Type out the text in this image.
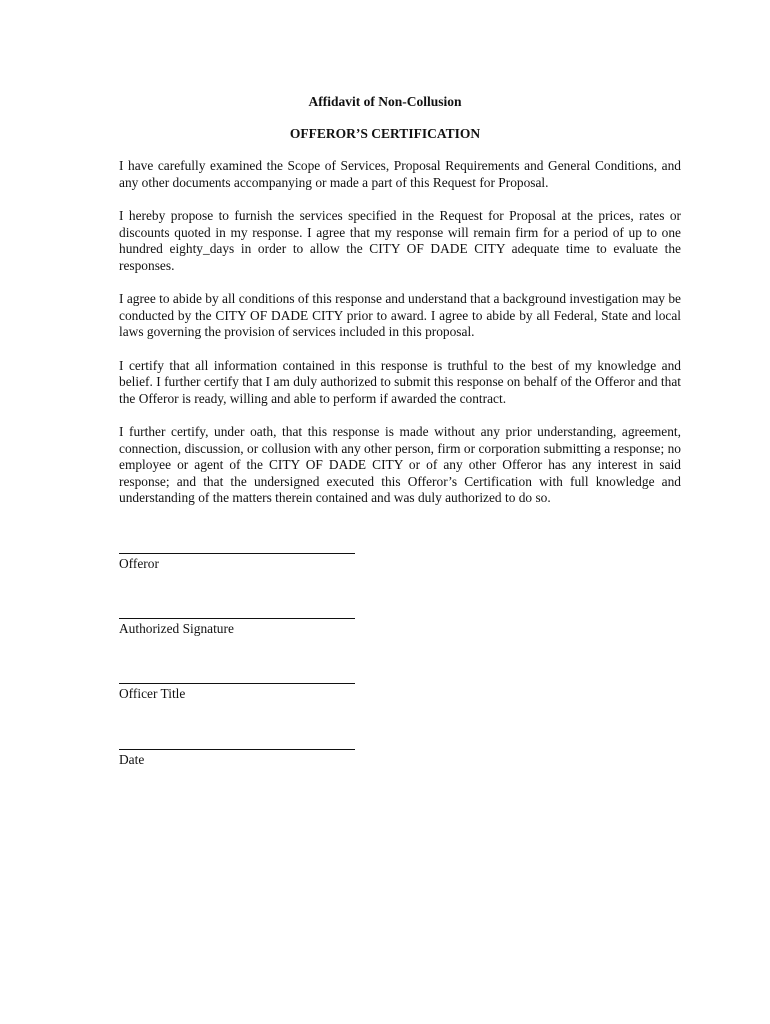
Affidavit of Non-Collusion
OFFEROR’S CERTIFICATION

I have carefully examined the Scope of Services, Proposal Requirements and General Conditions, and any other documents accompanying or made a part of this Request for Proposal.

I hereby propose to furnish the services specified in the Request for Proposal at the prices, rates or discounts quoted in my response. I agree that my response will remain firm for a period of up to one hundred eighty_days in order to allow the CITY OF DADE CITY adequate time to evaluate the responses.

I agree to abide by all conditions of this response and understand that a background investigation may be conducted by the CITY OF DADE CITY prior to award. I agree to abide by all Federal, State and local laws governing the provision of services included in this proposal.

I certify that all information contained in this response is truthful to the best of my knowledge and belief. I further certify that I am duly authorized to submit this response on behalf of the Offeror and that the Offeror is ready, willing and able to perform if awarded the contract.

I further certify, under oath, that this response is made without any prior understanding, agreement, connection, discussion, or collusion with any other person, firm or corporation submitting a response; no employee or agent of the CITY OF DADE CITY or of any other Offeror has any interest in said response; and that the undersigned executed this Offeror’s Certification with full knowledge and understanding of the matters therein contained and was duly authorized to do so.

Offeror
Authorized Signature
Officer Title
Date
